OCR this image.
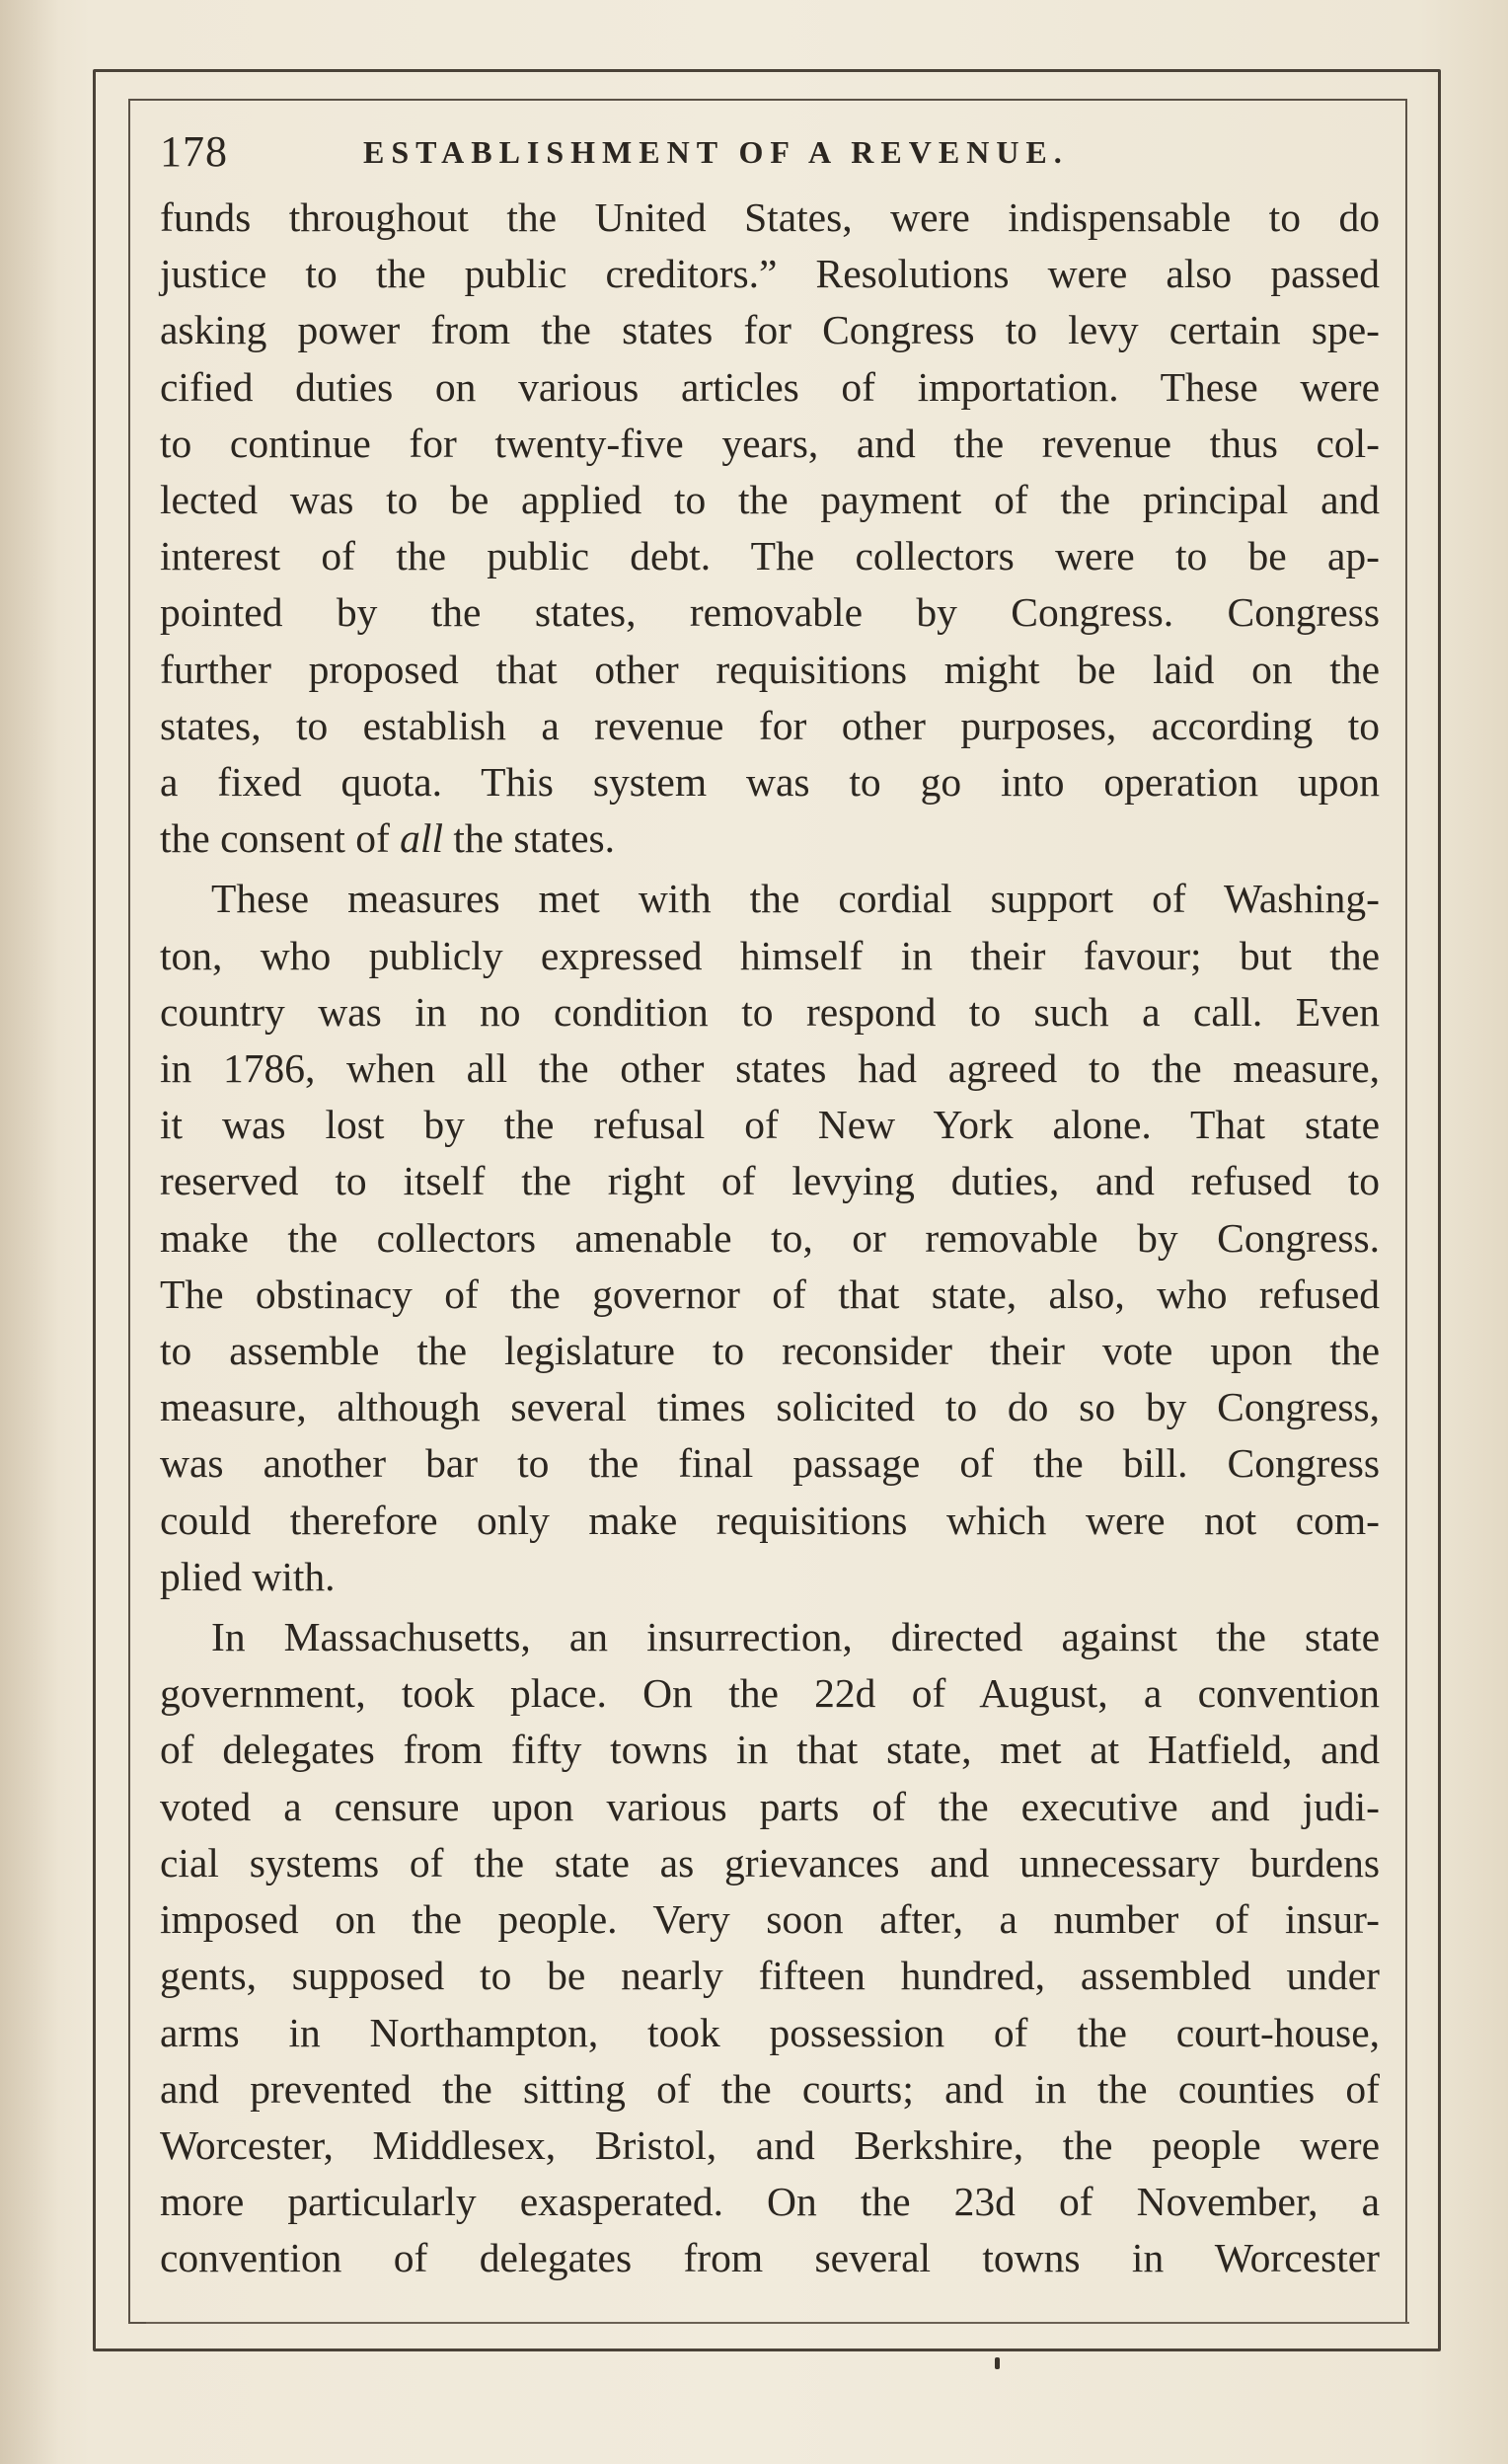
178	ESTABLISHMENT OF A REVENUE.
funds throughout the United States, were indispensable to do
justice to the public creditors.” Resolutions were also passed
asking power from the states for Congress to levy certain spe-
cified duties on various articles of importation. These were
to continue for twenty-five years, and the revenue thus col-
lected was to be applied to the payment of the principal and
interest of the public debt. The collectors were to be ap-
pointed by the states, removable by Congress. Congress
further proposed that other requisitions might be laid on the
states, to establish a revenue for other purposes, according to
a fixed quota. This system was to go into operation upon
the consent of all the states.
These measures met with the cordial support of Washing-
ton, who publicly expressed himself in their favour; but the
country was in no condition to respond to such a call. Even
in 1786, when all the other states had agreed to the measure,
it was lost by the refusal of New York alone. That state
reserved to itself the right of levying duties, and refused to
make the collectors amenable to, or removable by Congress.
The obstinacy of the governor of that state, also, who refused
to assemble the legislature to reconsider their vote upon the
measure, although several times solicited to do so by Congress,
was another bar to the final passage of the bill. Congress
could therefore only make requisitions which were not com-
plied with.
In Massachusetts, an insurrection, directed against the state
government, took place. On the 22d of August, a convention
of delegates from fifty towns in that state, met at Hatfield, and
voted a censure upon various parts of the executive and judi-
cial systems of the state as grievances and unnecessary burdens
imposed on the people. Very soon after, a number of insur-
gents, supposed to be nearly fifteen hundred, assembled under
arms in Northampton, took possession of the court-house,
and prevented the sitting of the courts; and in the counties of
Worcester, Middlesex, Bristol, and Berkshire, the people were
more particularly exasperated. On the 23d of November, a
convention of delegates from several towns in Worcester
